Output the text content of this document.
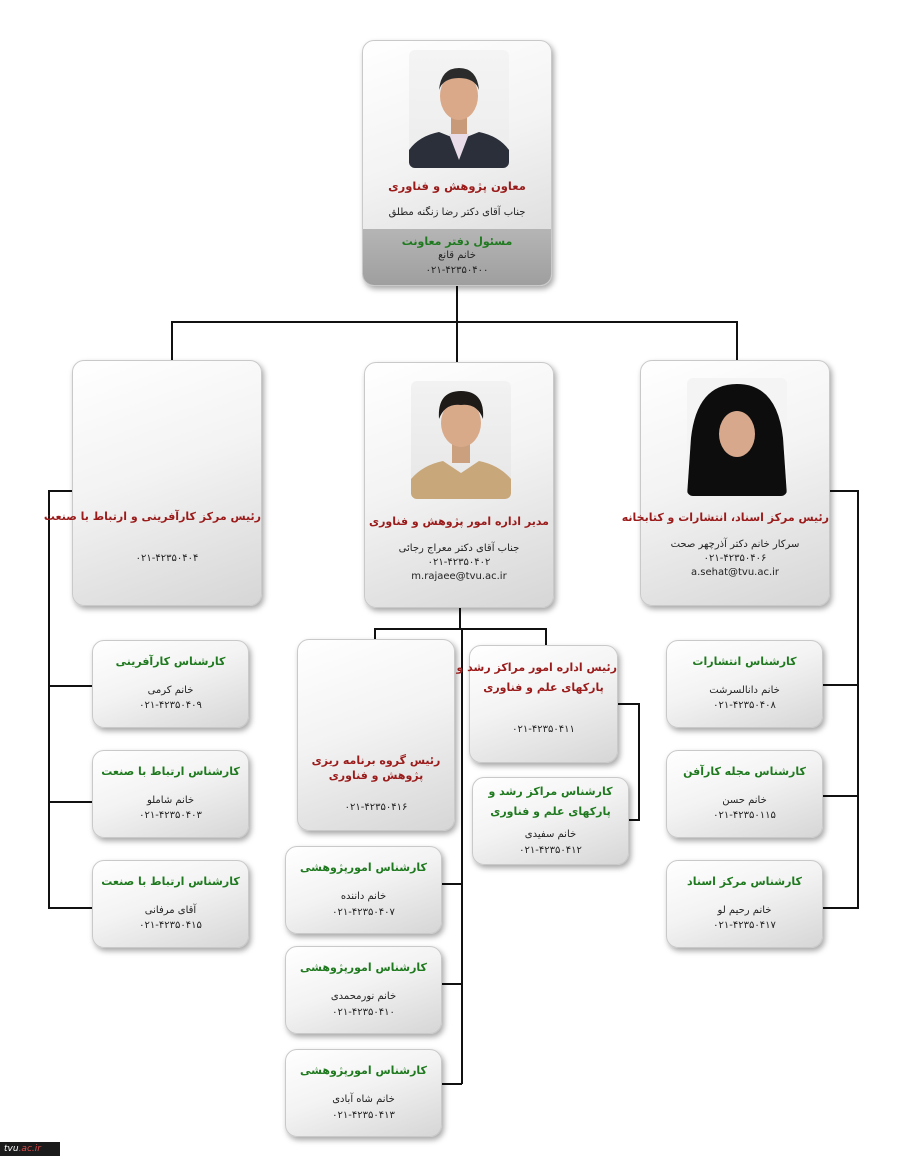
معاون پژوهش و فناوری
جناب آقای دکتر رضا زنگنه مطلق
مسئول دفتر معاونت
خانم قانع
۰۲۱-۴۲۳۵۰۴۰۰
رئیس مرکز کارآفرینی و ارتباط با صنعت
۰۲۱-۴۲۳۵۰۴۰۴
مدیر اداره امور پژوهش و فناوری
جناب آقای دکتر معراج رجائی
۰۲۱-۴۲۳۵۰۴۰۲
m.rajaee@tvu.ac.ir
رئیس مرکز اسناد، انتشارات و کتابخانه
سرکار خانم دکتر آذرچهر صحت
۰۲۱-۴۲۳۵۰۴۰۶
a.sehat@tvu.ac.ir
کارشناس کارآفرینی
خانم کرمی
۰۲۱-۴۲۳۵۰۴۰۹
کارشناس ارتباط با صنعت
خانم شاملو
۰۲۱-۴۲۳۵۰۴۰۳
کارشناس ارتباط با صنعت
آقای مرفانی
۰۲۱-۴۲۳۵۰۴۱۵
رئیس گروه برنامه ریزی
پژوهش و فناوری
۰۲۱-۴۲۳۵۰۴۱۶
کارشناس امورپژوهشی
خانم داننده
۰۲۱-۴۲۳۵۰۴۰۷
کارشناس امورپژوهشی
خانم نورمحمدی
۰۲۱-۴۲۳۵۰۴۱۰
کارشناس امورپژوهشی
خانم شاه آبادی
۰۲۱-۴۲۳۵۰۴۱۳
رئیس اداره امور مراکز رشد و
پارکهای علم و فناوری
۰۲۱-۴۲۳۵۰۴۱۱
کارشناس مراکز رشد و
پارکهای علم و فناوری
خانم سفیدی
۰۲۱-۴۲۳۵۰۴۱۲
کارشناس انتشارات
خانم دانالسرشت
۰۲۱-۴۲۳۵۰۴۰۸
کارشناس مجله کارآفن
خانم حسن
۰۲۱-۴۲۳۵۰۱۱۵
کارشناس مرکز اسناد
خانم رحیم لو
۰۲۱-۴۲۳۵۰۴۱۷
tvu.ac.ir
